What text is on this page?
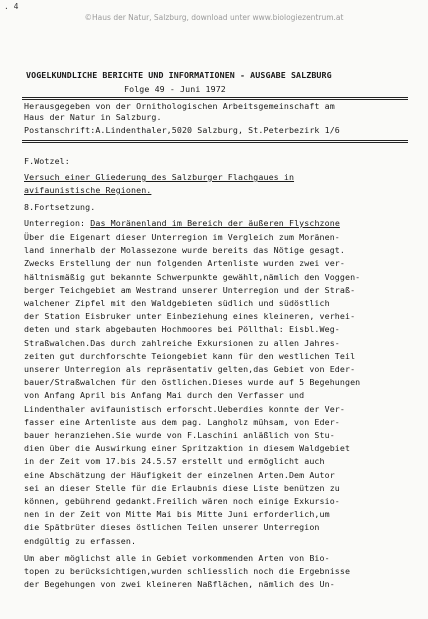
. 4
©Haus der Natur, Salzburg, download unter www.biologiezentrum.at
VOGELKUNDLICHE BERICHTE UND INFORMATIONEN - AUSGABE SALZBURG
Folge 49 - Juni 1972
Herausgegeben von der Ornithologischen Arbeitsgemeinschaft am
Haus der Natur in Salzburg.
Postanschrift:A.Lindenthaler,5020 Salzburg, St.Peterbezirk 1/6
F.Wotzel:
Versuch einer Gliederung des Salzburger Flachgaues in
avifaunistische Regionen.
8.Fortsetzung.
Unterregion: Das Moränenland im Bereich der äußeren Flyschzone
Über die Eigenart dieser Unterregion im Vergleich zum Moränen-
land innerhalb der Molassezone wurde bereits das Nötige gesagt.
Zwecks Erstellung der nun folgenden Artenliste wurden zwei ver-
hältnismäßig gut bekannte Schwerpunkte gewählt,nämlich den Voggen-
berger Teichgebiet am Westrand unserer Unterregion und der Straß-
walchener Zipfel mit den Waldgebieten südlich und südöstlich
der Station Eisbruker unter Einbeziehung eines kleineren, verhei-
deten und stark abgebauten Hochmoores bei Pöllthal: Eisbl.Weg-
Straßwalchen.Das durch zahlreiche Exkursionen zu allen Jahres-
zeiten gut durchforschte Teiongebiet kann für den westlichen Teil
unserer Unterregion als repräsentativ gelten,das Gebiet von Eder-
bauer/Straßwalchen für den östlichen.Dieses wurde auf 5 Begehungen
von Anfang April bis Anfang Mai durch den Verfasser und
Lindenthaler avifaunistisch erforscht.Ueberdies konnte der Ver-
fasser eine Artenliste aus dem pag. Langholz mühsam, von Eder-
bauer heranziehen.Sie wurde von F.Laschini anläßlich von Stu-
dien über die Auswirkung einer Spritzaktion in diesem Waldgebiet
in der Zeit vom 17.bis 24.5.57 erstellt und ermöglicht auch
eine Abschätzung der Häufigkeit der einzelnen Arten.Dem Autor
sei an dieser Stelle für die Erlaubnis diese Liste benützen zu
können, gebührend gedankt.Freilich wären noch einige Exkursio-
nen in der Zeit von Mitte Mai bis Mitte Juni erforderlich,um
die Spätbrüter dieses östlichen Teilen unserer Unterregion
endgültig zu erfassen.
Um aber möglichst alle in Gebiet vorkommenden Arten von Bio-
topen zu berücksichtigen,wurden schliesslich noch die Ergebnisse
der Begehungen von zwei kleineren Naßflächen, nämlich des Un-
